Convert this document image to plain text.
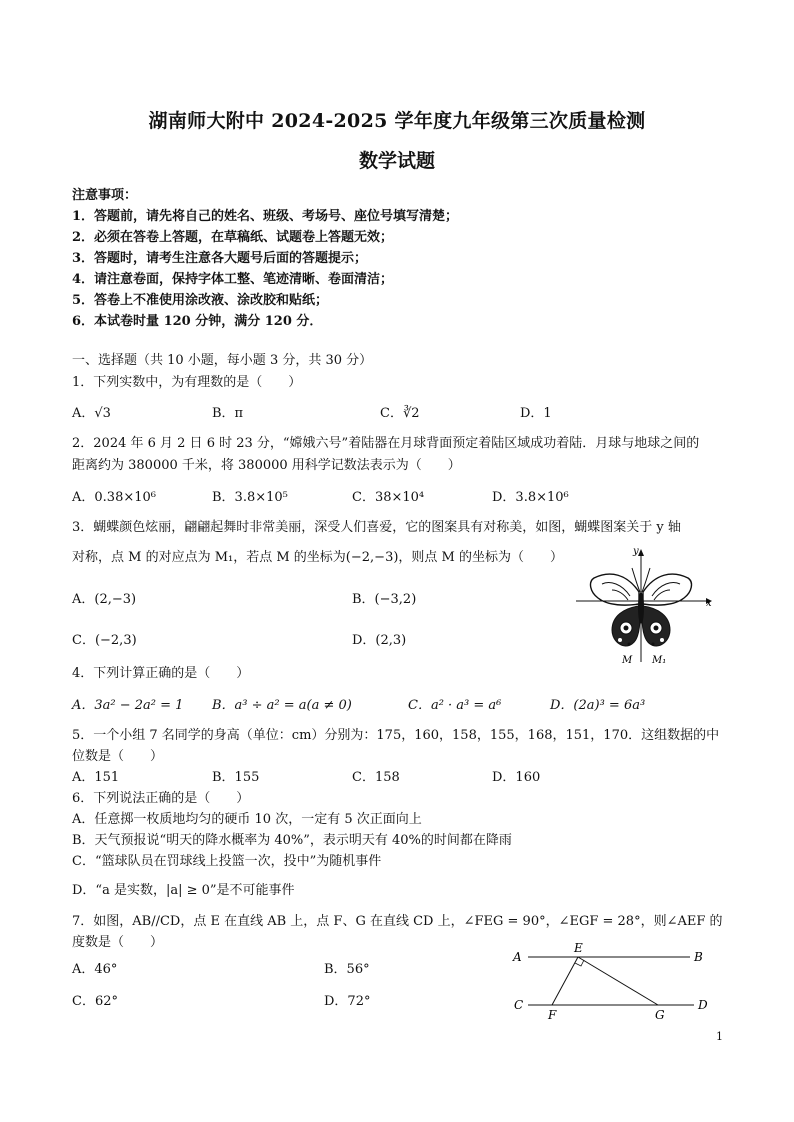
湖南师大附中 2024-2025 学年度九年级第三次质量检测
数学试题
注意事项：
1．答题前，请先将自己的姓名、班级、考场号、座位号填写清楚；
2．必须在答卷上答题，在草稿纸、试题卷上答题无效；
3．答题时，请考生注意各大题号后面的答题提示；
4．请注意卷面，保持字体工整、笔迹清晰、卷面清洁；
5．答卷上不准使用涂改液、涂改胶和贴纸；
6．本试卷时量 120 分钟，满分 120 分．
一、选择题（共 10 小题，每小题 3 分，共 30 分）
1．下列实数中，为有理数的是（　　）
A．√3	B．π	C．∛2	D．1
2．2024 年 6 月 2 日 6 时 23 分，“嫦娥六号”着陆器在月球背面预定着陆区域成功着陆．月球与地球之间的
距离约为 380000 千米，将 380000 用科学记数法表示为（　　）
A．0.38×10⁶	B．3.8×10⁵	C．38×10⁴	D．3.8×10⁶
3．蝴蝶颜色炫丽，翩翩起舞时非常美丽，深受人们喜爱，它的图案具有对称美，如图，蝴蝶图案关于 y 轴
对称，点 M 的对应点为 M₁，若点 M 的坐标为(−2,−3)，则点 M 的坐标为（　　）
A．(2,−3)	B．(−3,2)
C．(−2,3)	D．(2,3)
x
y
M M₁
4．下列计算正确的是（　　）
A．3a² − 2a² = 1 B．a³ ÷ a² = a(a ≠ 0)	C．a² · a³ = a⁶	D．(2a)³ = 6a³
5．一个小组 7 名同学的身高（单位：cm）分别为：175，160，158，155，168，151，170．这组数据的中
位数是（　　）
A．151	B．155	C．158	D．160
6．下列说法正确的是（　　）
A．任意掷一枚质地均匀的硬币 10 次，一定有 5 次正面向上
B．天气预报说“明天的降水概率为 40%”，表示明天有 40%的时间都在降雨
C．“篮球队员在罚球线上投篮一次，投中”为随机事件
D．“a 是实数，|a| ≥ 0”是不可能事件
7．如图，AB//CD，点 E 在直线 AB 上，点 F、G 在直线 CD 上，∠FEG = 90°，∠EGF = 28°，则∠AEF 的
度数是（　　）
A．46°	B．56°
C．62°	D．72°
A	B
C	D
E
F	G
1
